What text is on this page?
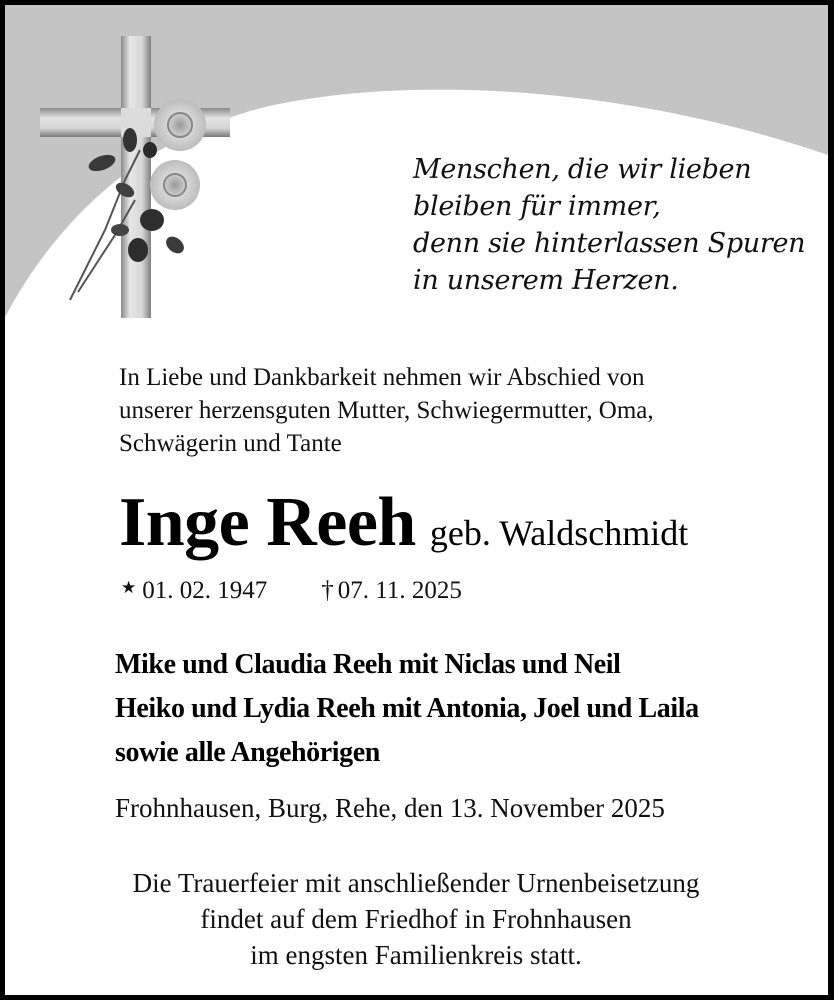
Menschen, die wir lieben
bleiben für immer,
denn sie hinterlassen Spuren
in unserem Herzen.
In Liebe und Dankbarkeit nehmen wir Abschied von
unserer herzensguten Mutter, Schwiegermutter, Oma,
Schwägerin und Tante
Inge Reeh geb. Waldschmidt
★ 01. 02. 1947 † 07. 11. 2025
Mike und Claudia Reeh mit Niclas und Neil
Heiko und Lydia Reeh mit Antonia, Joel und Laila
sowie alle Angehörigen
Frohnhausen, Burg, Rehe, den 13. November 2025
Die Trauerfeier mit anschließender Urnenbeisetzung
findet auf dem Friedhof in Frohnhausen
im engsten Familienkreis statt.
